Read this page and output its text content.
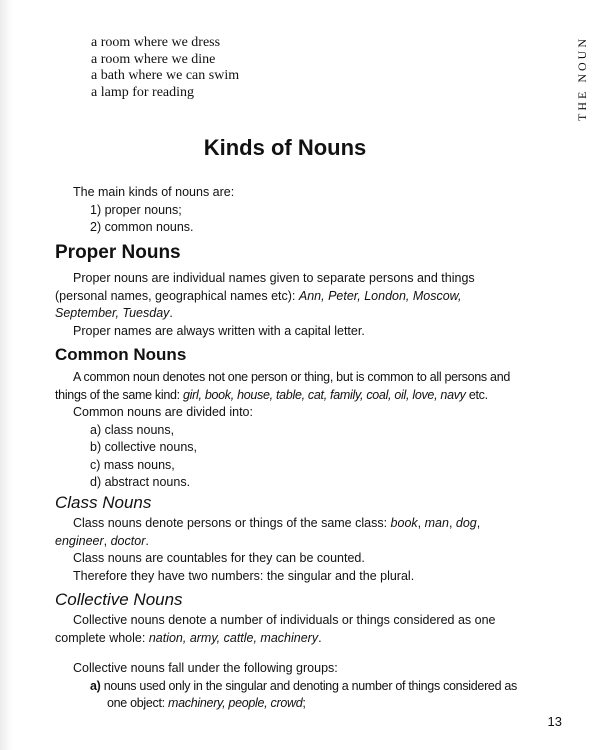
a room where we dress
a room where we dine
a bath where we can swim
a lamp for reading	THE NOUN
Kinds of Nouns

The main kinds of nouns are:

1) proper nouns;

2) common nouns.

Proper Nouns

Proper nouns are individual names given to separate persons and things (personal names, geographical names etc): Ann, Peter, London, Moscow, September, Tuesday.

Proper names are always written with a capital letter.

Common Nouns

A common noun denotes not one person or thing, but is common to all persons and things of the same kind: girl, book, house, table, cat, family, coal, oil, love, navy etc.

Common nouns are divided into:

a) class nouns,

b) collective nouns,

c) mass nouns,

d) abstract nouns.

Class Nouns

Class nouns denote persons or things of the same class: book, man, dog, engineer, doctor.

Class nouns are countables for they can be counted.

Therefore they have two numbers: the singular and the plural.

Collective Nouns

Collective nouns denote a number of individuals or things considered as one complete whole: nation, army, cattle, machinery.

Collective nouns fall under the following groups:

a) nouns used only in the singular and denoting a number of things considered as one object: machinery, people, crowd;

13
